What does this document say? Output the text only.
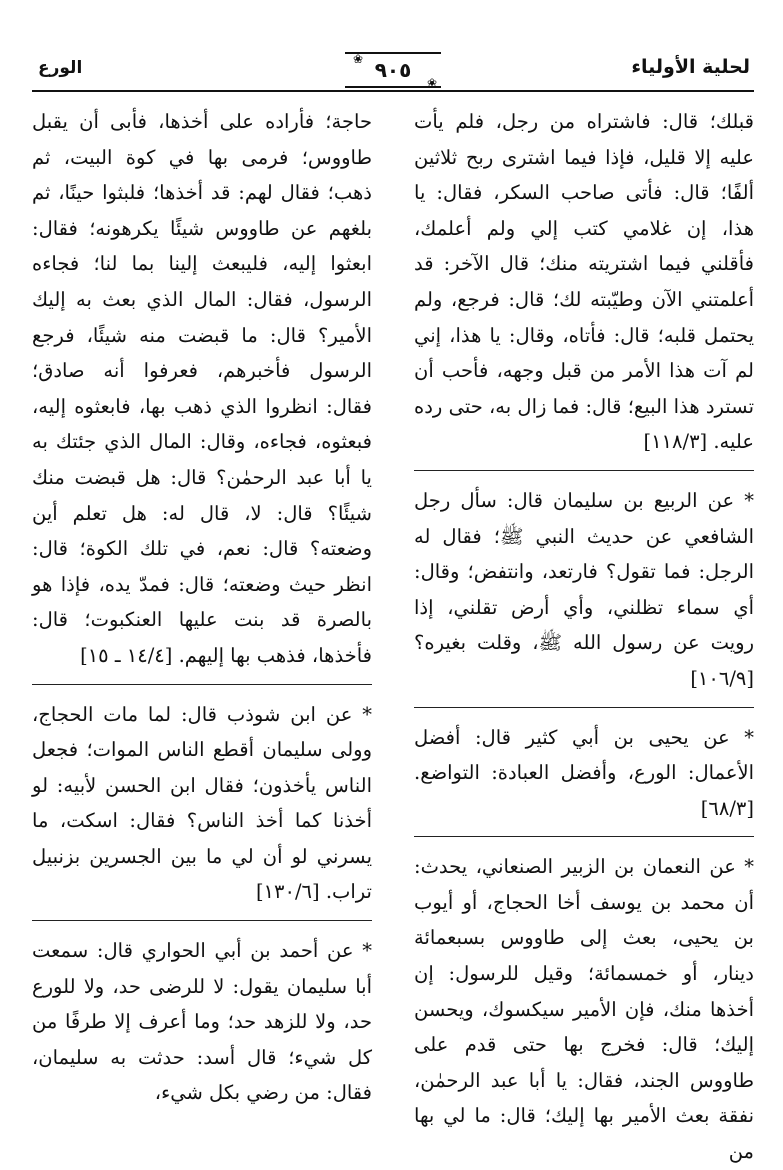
لحلية الأولياء
❀ ٩٠٥
❀
الورع

قبلك؛ قال: فاشتراه من رجل، فلم يأت عليه إلا قليل، فإذا فيما اشترى ربح ثلاثين ألفًا؛ قال: فأتى صاحب السكر، فقال: يا هذا، إن غلامي كتب إلي ولم أعلمك، فأقلني فيما اشتريته منك؛ قال الآخر: قد أعلمتني الآن وطيّبته لك؛ قال: فرجع، ولم يحتمل قلبه؛ قال: فأتاه، وقال: يا هذا، إني لم آت هذا الأمر من قبل وجهه، فأحب أن تسترد هذا البيع؛ قال: فما زال به، حتى رده عليه. [١١٨/٣]

* عن الربيع بن سليمان قال: سأل رجل الشافعي عن حديث النبي ﷺ؛ فقال له الرجل: فما تقول؟ فارتعد، وانتفض؛ وقال: أي سماء تظلني، وأي أرض تقلني، إذا رويت عن رسول الله ﷺ، وقلت بغيره؟ [١٠٦/٩]

* عن يحيى بن أبي كثير قال: أفضل الأعمال: الورع، وأفضل العبادة: التواضع. [٦٨/٣]

* عن النعمان بن الزبير الصنعاني، يحدث: أن محمد بن يوسف أخا الحجاج، أو أيوب بن يحيى، بعث إلى طاووس بسبعمائة دينار، أو خمسمائة؛ وقيل للرسول: إن أخذها منك، فإن الأمير سيكسوك، ويحسن إليك؛ قال: فخرج بها حتى قدم على طاووس الجند، فقال: يا أبا عبد الرحمٰن، نفقة بعث الأمير بها إليك؛ قال: ما لي بها من

حاجة؛ فأراده على أخذها، فأبى أن يقبل طاووس؛ فرمى بها في كوة البيت، ثم ذهب؛ فقال لهم: قد أخذها؛ فلبثوا حينًا، ثم بلغهم عن طاووس شيئًا يكرهونه؛ فقال: ابعثوا إليه، فليبعث إلينا بما لنا؛ فجاءه الرسول، فقال: المال الذي بعث به إليك الأمير؟ قال: ما قبضت منه شيئًا، فرجع الرسول فأخبرهم، فعرفوا أنه صادق؛ فقال: انظروا الذي ذهب بها، فابعثوه إليه، فبعثوه، فجاءه، وقال: المال الذي جئتك به يا أبا عبد الرحمٰن؟ قال: هل قبضت منك شيئًا؟ قال: لا، قال له: هل تعلم أين وضعته؟ قال: نعم، في تلك الكوة؛ قال: انظر حيث وضعته؛ قال: فمدّ يده، فإذا هو بالصرة قد بنت عليها العنكبوت؛ قال: فأخذها، فذهب بها إليهم. [١٤/٤ ـ ١٥]

* عن ابن شوذب قال: لما مات الحجاج، وولى سليمان أقطع الناس الموات؛ فجعل الناس يأخذون؛ فقال ابن الحسن لأبيه: لو أخذنا كما أخذ الناس؟ فقال: اسكت، ما يسرني لو أن لي ما بين الجسرين بزنبيل تراب. [١٣٠/٦]

* عن أحمد بن أبي الحواري قال: سمعت أبا سليمان يقول: لا للرضى حد، ولا للورع حد، ولا للزهد حد؛ وما أعرف إلا طرفًا من كل شيء؛ قال أسد: حدثت به سليمان، فقال: من رضي بكل شيء،
